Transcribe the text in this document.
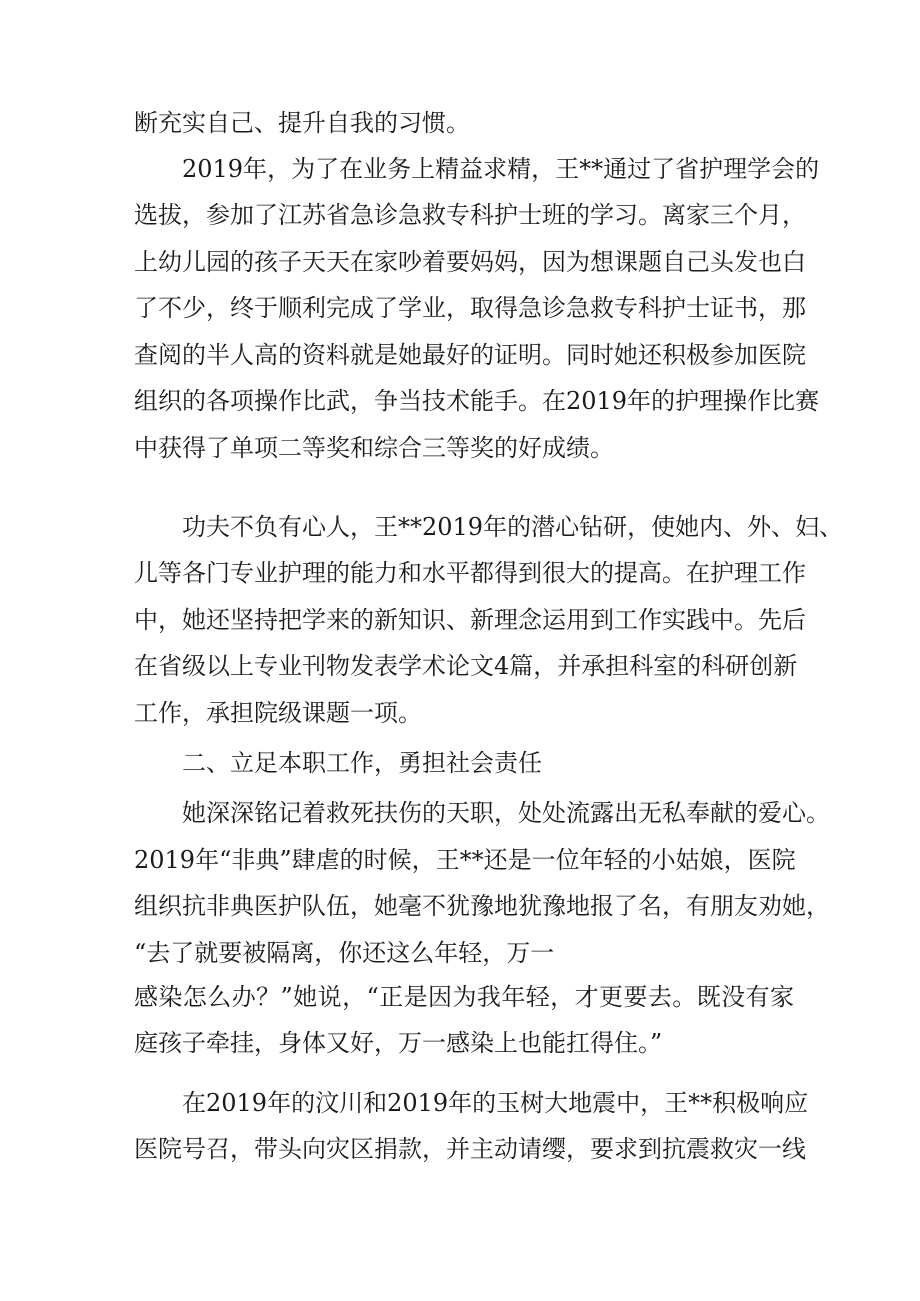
断充实自己、提升自我的习惯。
2019年，为了在业务上精益求精，王**通过了省护理学会的
选拔，参加了江苏省急诊急救专科护士班的学习。离家三个月，
上幼儿园的孩子天天在家吵着要妈妈，因为想课题自己头发也白
了不少，终于顺利完成了学业，取得急诊急救专科护士证书，那
查阅的半人高的资料就是她最好的证明。同时她还积极参加医院
组织的各项操作比武，争当技术能手。在2019年的护理操作比赛
中获得了单项二等奖和综合三等奖的好成绩。
功夫不负有心人，王**2019年的潜心钻研，使她内、外、妇、
儿等各门专业护理的能力和水平都得到很大的提高。在护理工作
中，她还坚持把学来的新知识、新理念运用到工作实践中。先后
在省级以上专业刊物发表学术论文4篇，并承担科室的科研创新
工作，承担院级课题一项。
二、立足本职工作，勇担社会责任
她深深铭记着救死扶伤的天职，处处流露出无私奉献的爱心。
2019年“非典”肆虐的时候，王**还是一位年轻的小姑娘，医院
组织抗非典医护队伍，她毫不犹豫地犹豫地报了名，有朋友劝她，
“去了就要被隔离，你还这么年轻，万一
感染怎么办？”她说，“正是因为我年轻，才更要去。既没有家
庭孩子牵挂，身体又好，万一感染上也能扛得住。”
在2019年的汶川和2019年的玉树大地震中，王**积极响应
医院号召，带头向灾区捐款，并主动请缨，要求到抗震救灾一线
